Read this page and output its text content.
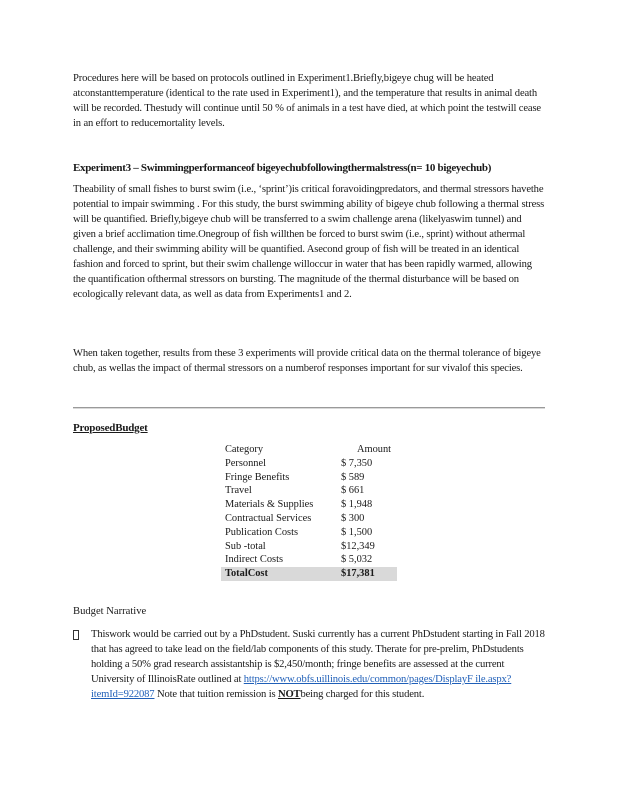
Procedures here will be based on protocols outlined in Experiment1.Briefly,bigeye chug will be heated atconstanttemperature (identical to the rate used in Experiment1), and the temperature that results in animal death will be recorded. Thestudy will continue until 50 % of animals in a test have died, at which point the testwill cease in an effort to reducemortality levels.

Experiment3 – Swimmingperformanceof bigeyechubfollowingthermalstress(n= 10 bigeyechub)

Theability of small fishes to burst swim (i.e., ‘sprint’)is critical foravoidingpredators, and thermal stressors havethe potential to impair swimming . For this study, the burst swimming ability of bigeye chub following a thermal stress will be quantified. Briefly,bigeye chub will be transferred to a swim challenge arena (likelyaswim tunnel) and given a brief acclimation time.Onegroup of fish willthen be forced to burst swim (i.e., sprint) without athermal challenge, and their swimming ability will be quantified. Asecond group of fish will be treated in an identical fashion and forced to sprint, but their swim challenge willoccur in water that has been rapidly warmed, allowing the quantification ofthermal stressors on bursting. The magnitude of the thermal disturbance will be based on ecologically relevant data, as well as data from Experiments1 and 2.

When taken together, results from these 3 experiments will provide critical data on the thermal tolerance of bigeye chub, as wellas the impact of thermal stressors on a numberof responses important for sur vivalof this species.

ProposedBudget

Category	Amount
Personnel	$ 7,350
Fringe Benefits	$ 589
Travel	$ 661
Materials & Supplies	$ 1,948
Contractual Services	$ 300
Publication Costs	$ 1,500
Sub -total	$12,349
Indirect Costs	$ 5,032
TotalCost	$17,381

Budget Narrative

Thiswork would be carried out by a PhDstudent. Suski currently has a current PhDstudent starting in Fall 2018 that has agreed to take lead on the field/lab components of this study. Therate for pre-prelim, PhDstudents holding a 50% grad research assistantship is $2,450/month; fringe benefits are assessed at the current University of IllinoisRate outlined at https://www.obfs.uillinois.edu/common/pages/DisplayF ile.aspx?itemId=922087 Note that tuition remission is NOTbeing charged for this student.
